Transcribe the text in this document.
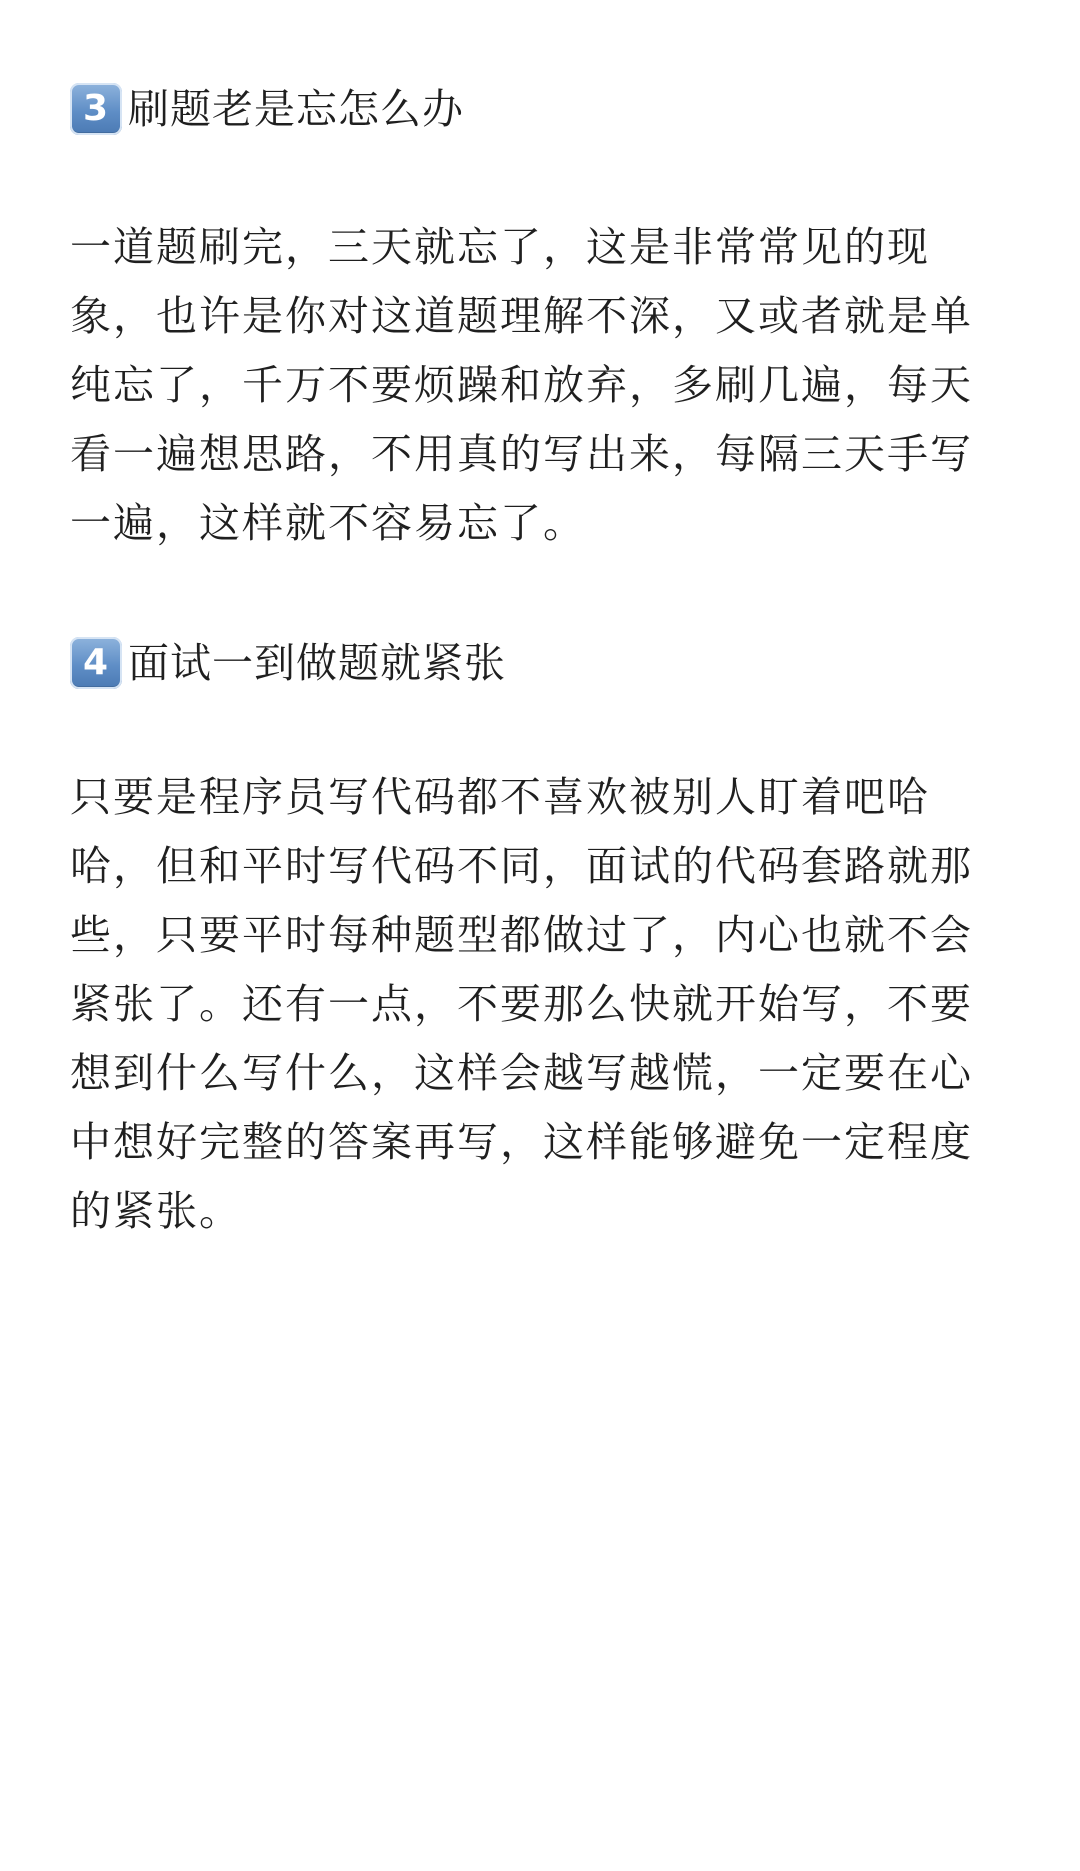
3 刷题老是忘怎么办

一道题刷完，三天就忘了，这是非常常见的现象，也许是你对这道题理解不深，又或者就是单纯忘了，千万不要烦躁和放弃，多刷几遍，每天看一遍想思路，不用真的写出来，每隔三天手写一遍，这样就不容易忘了。

4 面试一到做题就紧张

只要是程序员写代码都不喜欢被别人盯着吧哈哈，但和平时写代码不同，面试的代码套路就那些，只要平时每种题型都做过了，内心也就不会紧张了。还有一点，不要那么快就开始写，不要想到什么写什么，这样会越写越慌，一定要在心中想好完整的答案再写，这样能够避免一定程度的紧张。
